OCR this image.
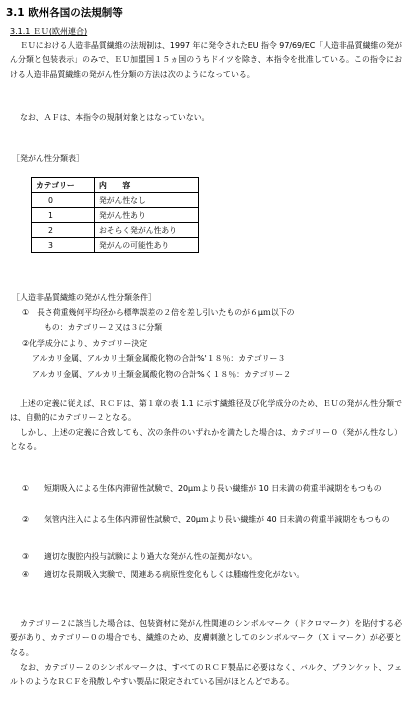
3.1 欧州各国の法規制等
3.1.1 ＥＵ(欧州連合)
ＥＵにおける人造非晶質繊維の法規制は、1997 年に発令されたEU 指令 97/69/EC「人造非晶質繊維の発がん分類と包装表示」のみで、ＥＵ加盟国１５ヵ国のうちドイツを除き、本指令を批准している。この指令における人造非晶質繊維の発がん性分類の方法は次のようになっている。
なお、ＡＦは、本指令の規制対象とはなっていない。
［発がん性分類表］
カテゴリー	内　　容
0	発がん性なし
1	発がん性あり
2	おそらく発がん性あり
3	発がんの可能性あり
［人造非晶質繊維の発がん性分類条件］
①　長さ荷重幾何平均径から標準誤差の２倍を差し引いたものが６μｍ以下の
もの：カテゴリー２又は３に分類
②化学成分により、カテゴリー決定
アルカリ金属、アルカリ土類金属酸化物の合計%'１８％：カテゴリー３
アルカリ金属、アルカリ土類金属酸化物の合計%く１８％：カテゴリー２
上述の定義に従えば、ＲＣＦは、第１章の表 1.1 に示す繊維径及び化学成分のため、ＥＵの発がん性分類では、自動的にカテゴリー２となる。
しかし、上述の定義に合致しても、次の条件のいずれかを満たした場合は、カテゴリー０（発がん性なし）となる。
① 短期吸入による生体内滞留性試験で、20μｍより長い繊維が 10 日未満の荷重半減期をもつもの
② 気管内注入による生体内滞留性試験で、20μｍより長い繊維が 40 日未満の荷重半減期をもつもの
③ 適切な腹腔内投与試験により過大な発がん性の証拠がない。
④ 適切な長期吸入実験で、関連ある病原性変化もしくは腫瘍性変化がない。
カテゴリー２に該当した場合は、包装資材に発がん性関連のシンボルマーク（ドクロマーク）を貼付する必要があり、カテゴリー０の場合でも、繊維のため、皮膚刺激としてのシンボルマーク（Ｘｉマーク）が必要となる。
なお、カテゴリー２のシンボルマークは、すべてのＲＣＦ製品に必要はなく、バルク、ブランケット、フェルトのようなＲＣＦを飛散しやすい製品に限定されている国がほとんどである。
